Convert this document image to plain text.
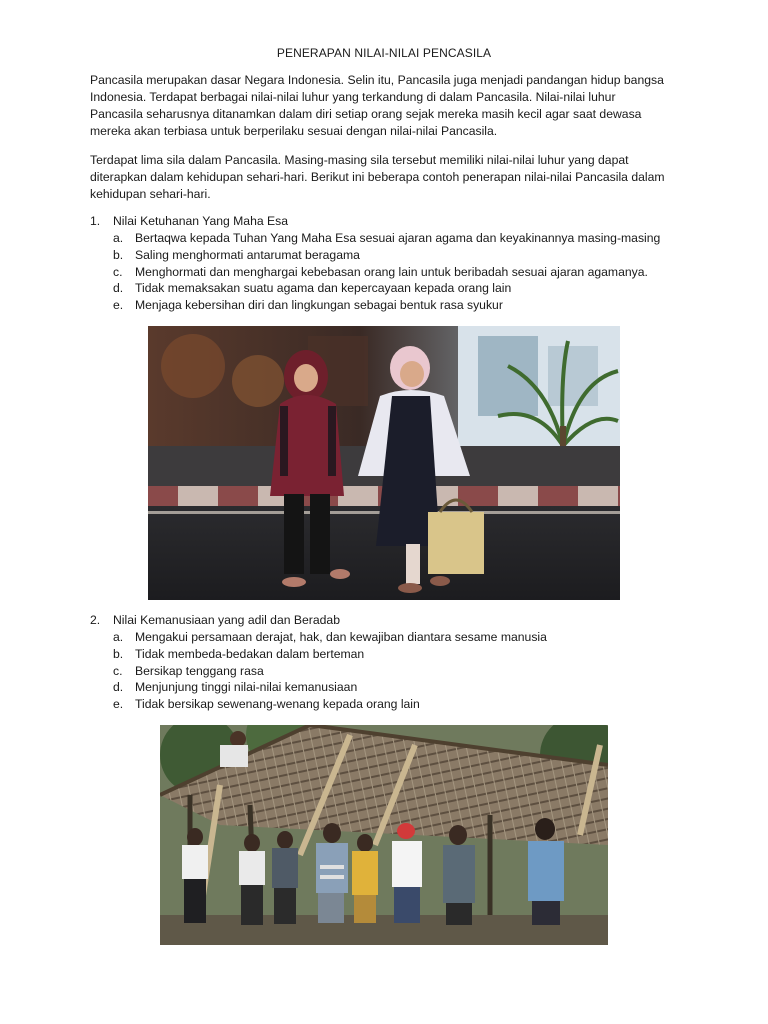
PENERAPAN NILAI-NILAI PENCASILA

Pancasila merupakan dasar Negara Indonesia. Selin itu, Pancasila juga menjadi pandangan hidup bangsa Indonesia. Terdapat berbagai nilai-nilai luhur yang terkandung di dalam Pancasila. Nilai-nilai luhur Pancasila seharusnya ditanamkan dalam diri setiap orang sejak mereka masih kecil agar saat dewasa mereka akan terbiasa untuk berperilaku sesuai dengan nilai-nilai Pancasila.

Terdapat lima sila dalam Pancasila. Masing-masing sila tersebut memiliki nilai-nilai luhur yang dapat diterapkan dalam kehidupan sehari-hari. Berikut ini beberapa contoh penerapan nilai-nilai Pancasila dalam kehidupan sehari-hari.

1.	Nilai Ketuhanan Yang Maha Esa
a. Bertaqwa kepada Tuhan Yang Maha Esa sesuai ajaran agama dan keyakinannya masing-masing
b. Saling menghormati antarumat beragama
c.	Menghormati dan menghargai kebebasan orang lain untuk beribadah sesuai ajaran agamanya.
d. Tidak memaksakan suatu agama dan kepercayaan kepada orang lain
e. Menjaga kebersihan diri dan lingkungan sebagai bentuk rasa syukur
2.	Nilai Kemanusiaan yang adil dan Beradab
a. Mengakui persamaan derajat, hak, dan kewajiban diantara sesame manusia
b. Tidak membeda-bedakan dalam berteman
c.	Bersikap tenggang rasa
d. Menjunjung tinggi nilai-nilai kemanusiaan
e. Tidak bersikap sewenang-wenang kepada orang lain
